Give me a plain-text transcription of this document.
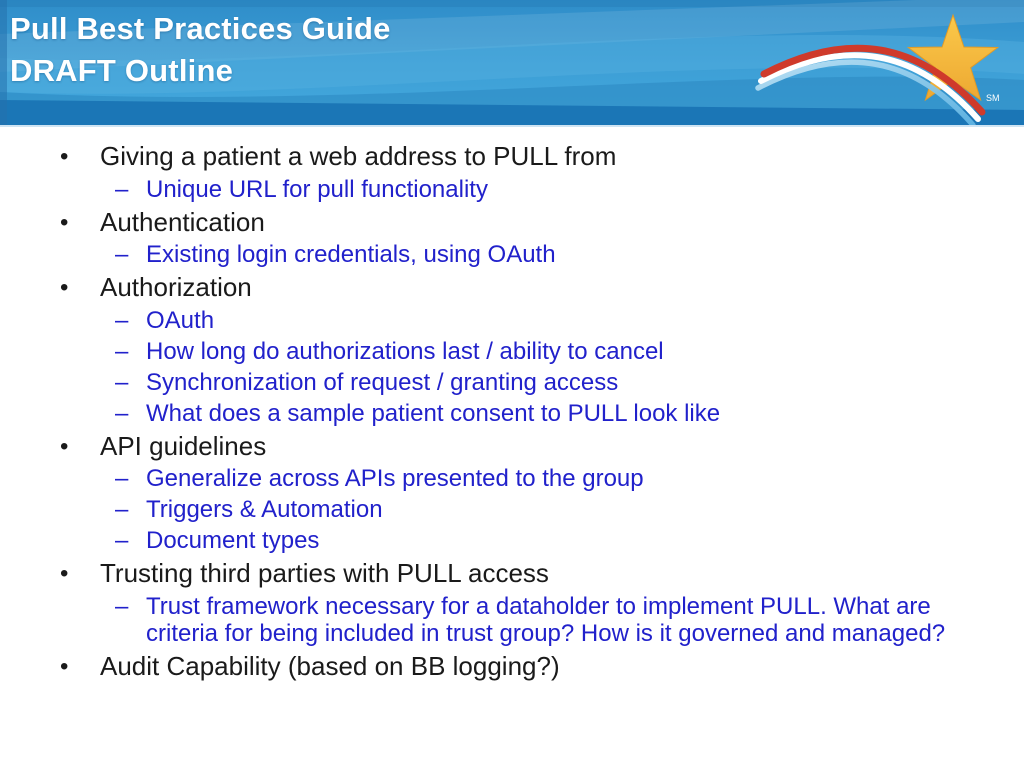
Pull Best Practices Guide
DRAFT Outline
SM
•	Giving a patient a web address to PULL from
– Unique URL for pull functionality
•	Authentication
– Existing login credentials, using OAuth
•	Authorization
– OAuth
– How long do authorizations last / ability to cancel
– Synchronization of request / granting access
– What does a sample patient consent to PULL look like
•	API guidelines
– Generalize across APIs presented to the group
– Triggers & Automation
– Document types
•	Trusting third parties with PULL access
– Trust framework necessary for a dataholder to implement PULL. What are criteria for being included in trust group? How is it governed and managed?
•	Audit Capability (based on BB logging?)
